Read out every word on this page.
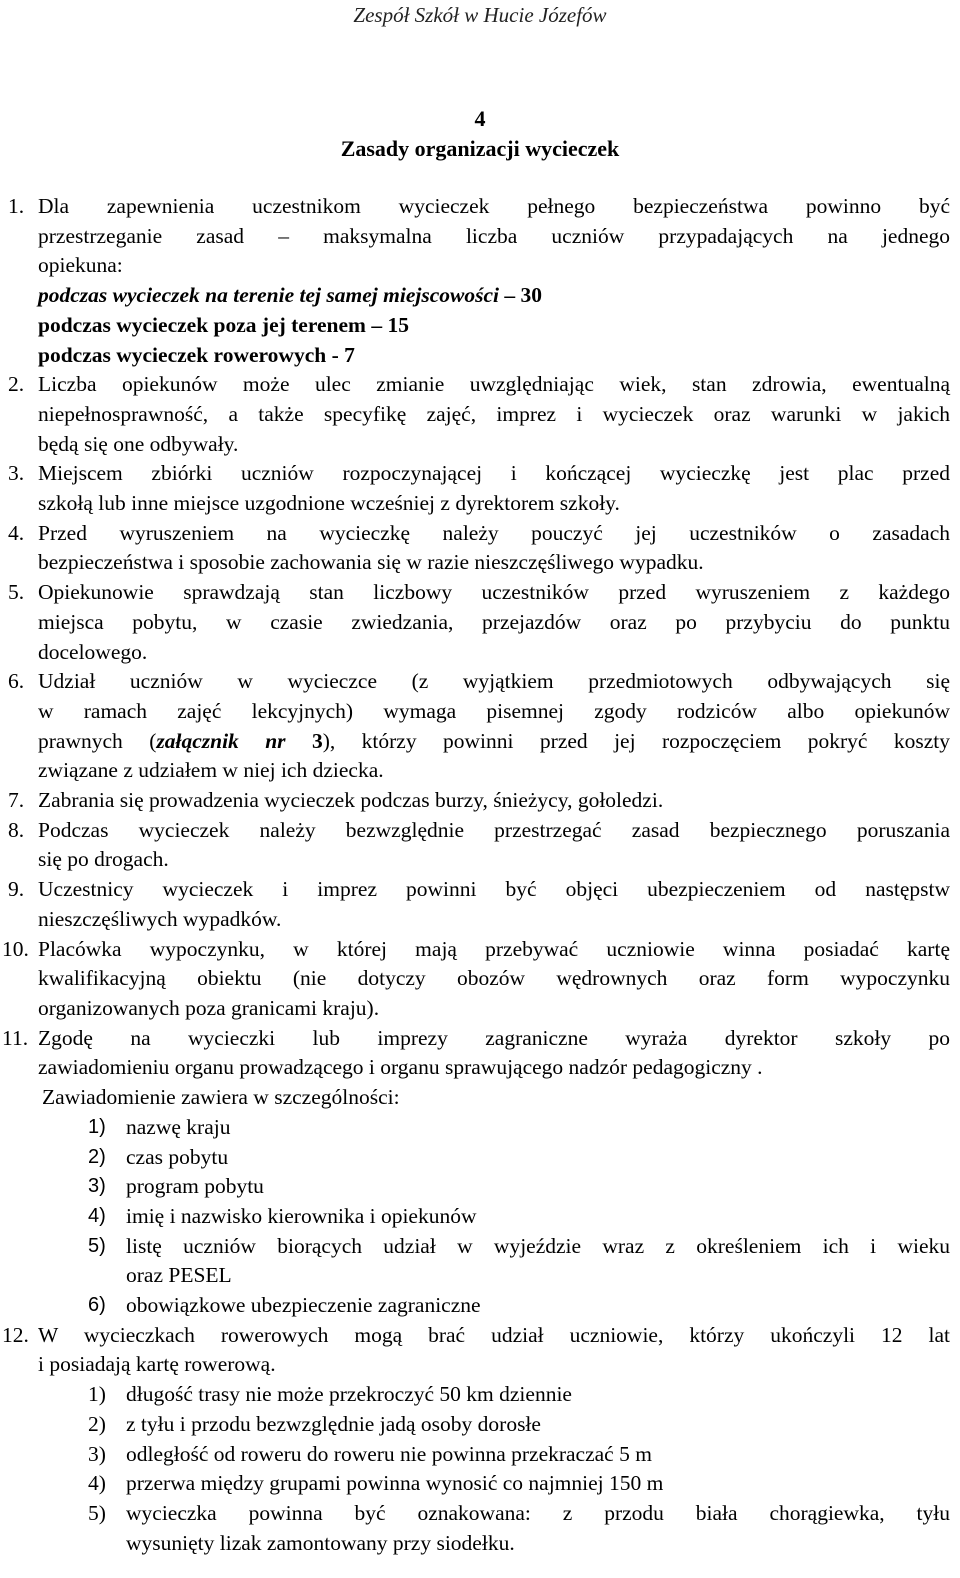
Zespół Szkół w Hucie Józefów
4
Zasady organizacji wycieczek
1. Dla zapewnienia uczestnikom wycieczek pełnego bezpieczeństwa powinno być
przestrzeganie zasad – maksymalna liczba uczniów przypadających na jednego
opiekuna:
podczas wycieczek na terenie tej samej miejscowości – 30
podczas wycieczek poza jej terenem – 15
podczas wycieczek rowerowych - 7
2. Liczba opiekunów może ulec zmianie uwzględniając wiek, stan zdrowia, ewentualną
niepełnosprawność, a także specyfikę zajęć, imprez i wycieczek oraz warunki w jakich
będą się one odbywały.
3. Miejscem zbiórki uczniów rozpoczynającej i kończącej wycieczkę jest plac przed
szkołą lub inne miejsce uzgodnione wcześniej z dyrektorem szkoły.
4. Przed wyruszeniem na wycieczkę należy pouczyć jej uczestników o zasadach
bezpieczeństwa i sposobie zachowania się w razie nieszczęśliwego wypadku.
5. Opiekunowie sprawdzają stan liczbowy uczestników przed wyruszeniem z każdego
miejsca pobytu, w czasie zwiedzania, przejazdów oraz po przybyciu do punktu
docelowego.
6. Udział uczniów w wycieczce (z wyjątkiem przedmiotowych odbywających się
w ramach zajęć lekcyjnych) wymaga pisemnej zgody rodziców albo opiekunów
prawnych (załącznik nr 3), którzy powinni przed jej rozpoczęciem pokryć koszty
związane z udziałem w niej ich dziecka.
7. Zabrania się prowadzenia wycieczek podczas burzy, śnieżycy, gołoledzi.
8. Podczas wycieczek należy bezwzględnie przestrzegać zasad bezpiecznego poruszania
się po drogach.
9. Uczestnicy wycieczek i imprez powinni być objęci ubezpieczeniem od następstw
nieszczęśliwych wypadków.
10. Placówka wypoczynku, w której mają przebywać uczniowie winna posiadać kartę
kwalifikacyjną obiektu (nie dotyczy obozów wędrownych oraz form wypoczynku
organizowanych poza granicami kraju).
11. Zgodę na wycieczki lub imprezy zagraniczne wyraża dyrektor szkoły po
zawiadomieniu organu prowadzącego i organu sprawującego nadzór pedagogiczny .
Zawiadomienie zawiera w szczególności:
1) nazwę kraju
2) czas pobytu
3) program pobytu
4) imię i nazwisko kierownika i opiekunów
5) listę uczniów biorących udział w wyjeździe wraz z określeniem ich i wieku
oraz PESEL
6) obowiązkowe ubezpieczenie zagraniczne
12. W wycieczkach rowerowych mogą brać udział uczniowie, którzy ukończyli 12 lat
i posiadają kartę rowerową.
1) długość trasy nie może przekroczyć 50 km dziennie
2) z tyłu i przodu bezwzględnie jadą osoby dorosłe
3) odległość od roweru do roweru nie powinna przekraczać 5 m
4) przerwa między grupami powinna wynosić co najmniej 150 m
5) wycieczka powinna być oznakowana: z przodu biała chorągiewka, tyłu
wysunięty lizak zamontowany przy siodełku.
